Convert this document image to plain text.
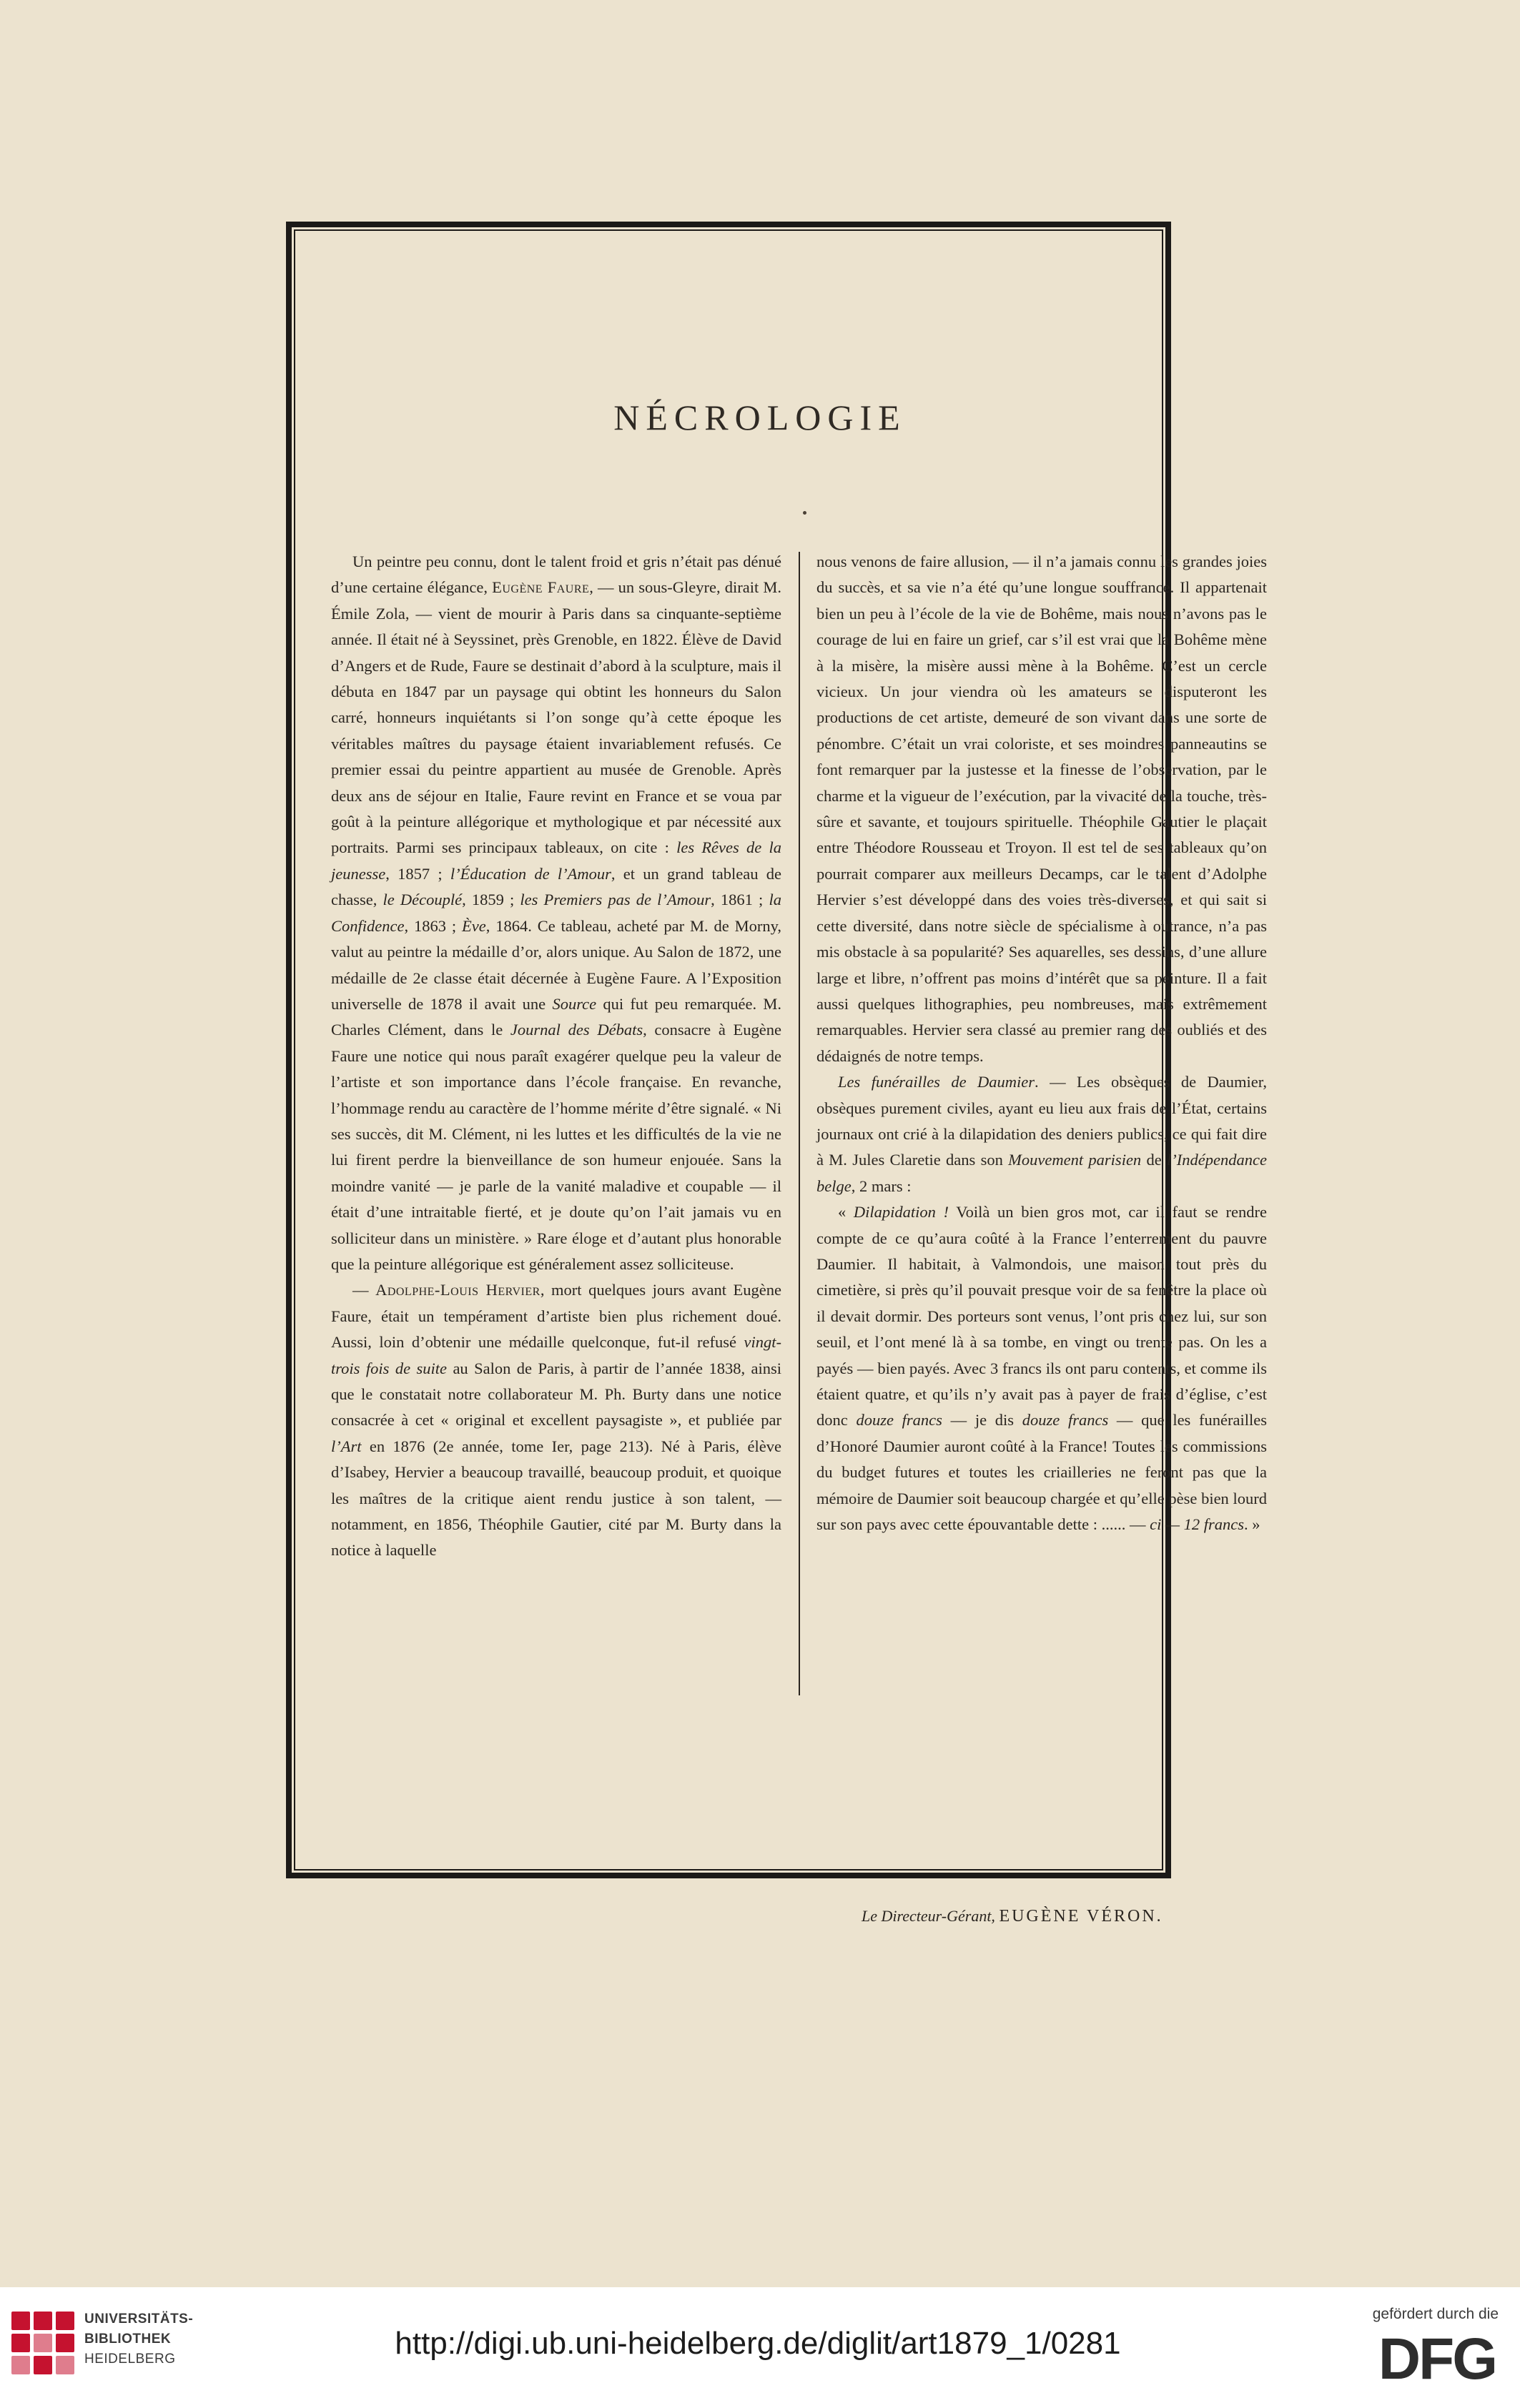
NÉCROLOGIE

Un peintre peu connu, dont le talent froid et gris n’était pas dénué d’une certaine élégance, Eugène Faure, — un sous-Gleyre, dirait M. Émile Zola, — vient de mourir à Paris dans sa cinquante-septième année. Il était né à Seyssinet, près Grenoble, en 1822. Élève de David d’Angers et de Rude, Faure se destinait d’abord à la sculpture, mais il débuta en 1847 par un paysage qui obtint les honneurs du Salon carré, honneurs inquiétants si l’on songe qu’à cette époque les véritables maîtres du paysage étaient invariablement refusés. Ce premier essai du peintre appartient au musée de Grenoble. Après deux ans de séjour en Italie, Faure revint en France et se voua par goût à la peinture allégorique et mythologique et par nécessité aux portraits. Parmi ses principaux tableaux, on cite : les Rêves de la jeunesse, 1857 ; l’Éducation de l’Amour, et un grand tableau de chasse, le Découplé, 1859 ; les Premiers pas de l’Amour, 1861 ; la Confidence, 1863 ; Ève, 1864. Ce tableau, acheté par M. de Morny, valut au peintre la médaille d’or, alors unique. Au Salon de 1872, une médaille de 2e classe était décernée à Eugène Faure. A l’Exposition universelle de 1878 il avait une Source qui fut peu remarquée. M. Charles Clément, dans le Journal des Débats, consacre à Eugène Faure une notice qui nous paraît exagérer quelque peu la valeur de l’artiste et son importance dans l’école française. En revanche, l’hommage rendu au caractère de l’homme mérite d’être signalé. « Ni ses succès, dit M. Clément, ni les luttes et les difficultés de la vie ne lui firent perdre la bienveillance de son humeur enjouée. Sans la moindre vanité — je parle de la vanité maladive et coupable — il était d’une intraitable fierté, et je doute qu’on l’ait jamais vu en solliciteur dans un ministère. » Rare éloge et d’autant plus honorable que la peinture allégorique est généralement assez solliciteuse.

— Adolphe-Louis Hervier, mort quelques jours avant Eugène Faure, était un tempérament d’artiste bien plus richement doué. Aussi, loin d’obtenir une médaille quelconque, fut-il refusé vingt-trois fois de suite au Salon de Paris, à partir de l’année 1838, ainsi que le constatait notre collaborateur M. Ph. Burty dans une notice consacrée à cet « original et excellent paysagiste », et publiée par l’Art en 1876 (2e année, tome Ier, page 213). Né à Paris, élève d’Isabey, Hervier a beaucoup travaillé, beaucoup produit, et quoique les maîtres de la critique aient rendu justice à son talent, — notamment, en 1856, Théophile Gautier, cité par M. Burty dans la notice à laquelle

nous venons de faire allusion, — il n’a jamais connu les grandes joies du succès, et sa vie n’a été qu’une longue souffrance. Il appartenait bien un peu à l’école de la vie de Bohême, mais nous n’avons pas le courage de lui en faire un grief, car s’il est vrai que la Bohême mène à la misère, la misère aussi mène à la Bohême. C’est un cercle vicieux. Un jour viendra où les amateurs se disputeront les productions de cet artiste, demeuré de son vivant dans une sorte de pénombre. C’était un vrai coloriste, et ses moindres panneautins se font remarquer par la justesse et la finesse de l’observation, par le charme et la vigueur de l’exécution, par la vivacité de la touche, très-sûre et savante, et toujours spirituelle. Théophile Gautier le plaçait entre Théodore Rousseau et Troyon. Il est tel de ses tableaux qu’on pourrait comparer aux meilleurs Decamps, car le talent d’Adolphe Hervier s’est développé dans des voies très-diverses, et qui sait si cette diversité, dans notre siècle de spécialisme à outrance, n’a pas mis obstacle à sa popularité? Ses aquarelles, ses dessins, d’une allure large et libre, n’offrent pas moins d’intérêt que sa peinture. Il a fait aussi quelques lithographies, peu nombreuses, mais extrêmement remarquables. Hervier sera classé au premier rang des oubliés et des dédaignés de notre temps.

Les funérailles de Daumier. — Les obsèques de Daumier, obsèques purement civiles, ayant eu lieu aux frais de l’État, certains journaux ont crié à la dilapidation des deniers publics, ce qui fait dire à M. Jules Claretie dans son Mouvement parisien de l’Indépendance belge, 2 mars :

« Dilapidation ! Voilà un bien gros mot, car il faut se rendre compte de ce qu’aura coûté à la France l’enterrement du pauvre Daumier. Il habitait, à Valmondois, une maison tout près du cimetière, si près qu’il pouvait presque voir de sa fenêtre la place où il devait dormir. Des porteurs sont venus, l’ont pris chez lui, sur son seuil, et l’ont mené là à sa tombe, en vingt ou trente pas. On les a payés — bien payés. Avec 3 francs ils ont paru contents, et comme ils étaient quatre, et qu’ils n’y avait pas à payer de frais d’église, c’est donc douze francs — je dis douze francs — que les funérailles d’Honoré Daumier auront coûté à la France! Toutes les commissions du budget futures et toutes les criailleries ne feront pas que la mémoire de Daumier soit beaucoup chargée et qu’elle pèse bien lourd sur son pays avec cette épouvantable dette : ...... — ci — 12 francs. »

Le Directeur-Gérant, EUGÈNE VÉRON.
UNIVERSITÄTS-
BIBLIOTHEK
HEIDELBERG	http://digi.ub.uni-heidelberg.de/diglit/art1879_1/0281
gefördert durch die
DFG
